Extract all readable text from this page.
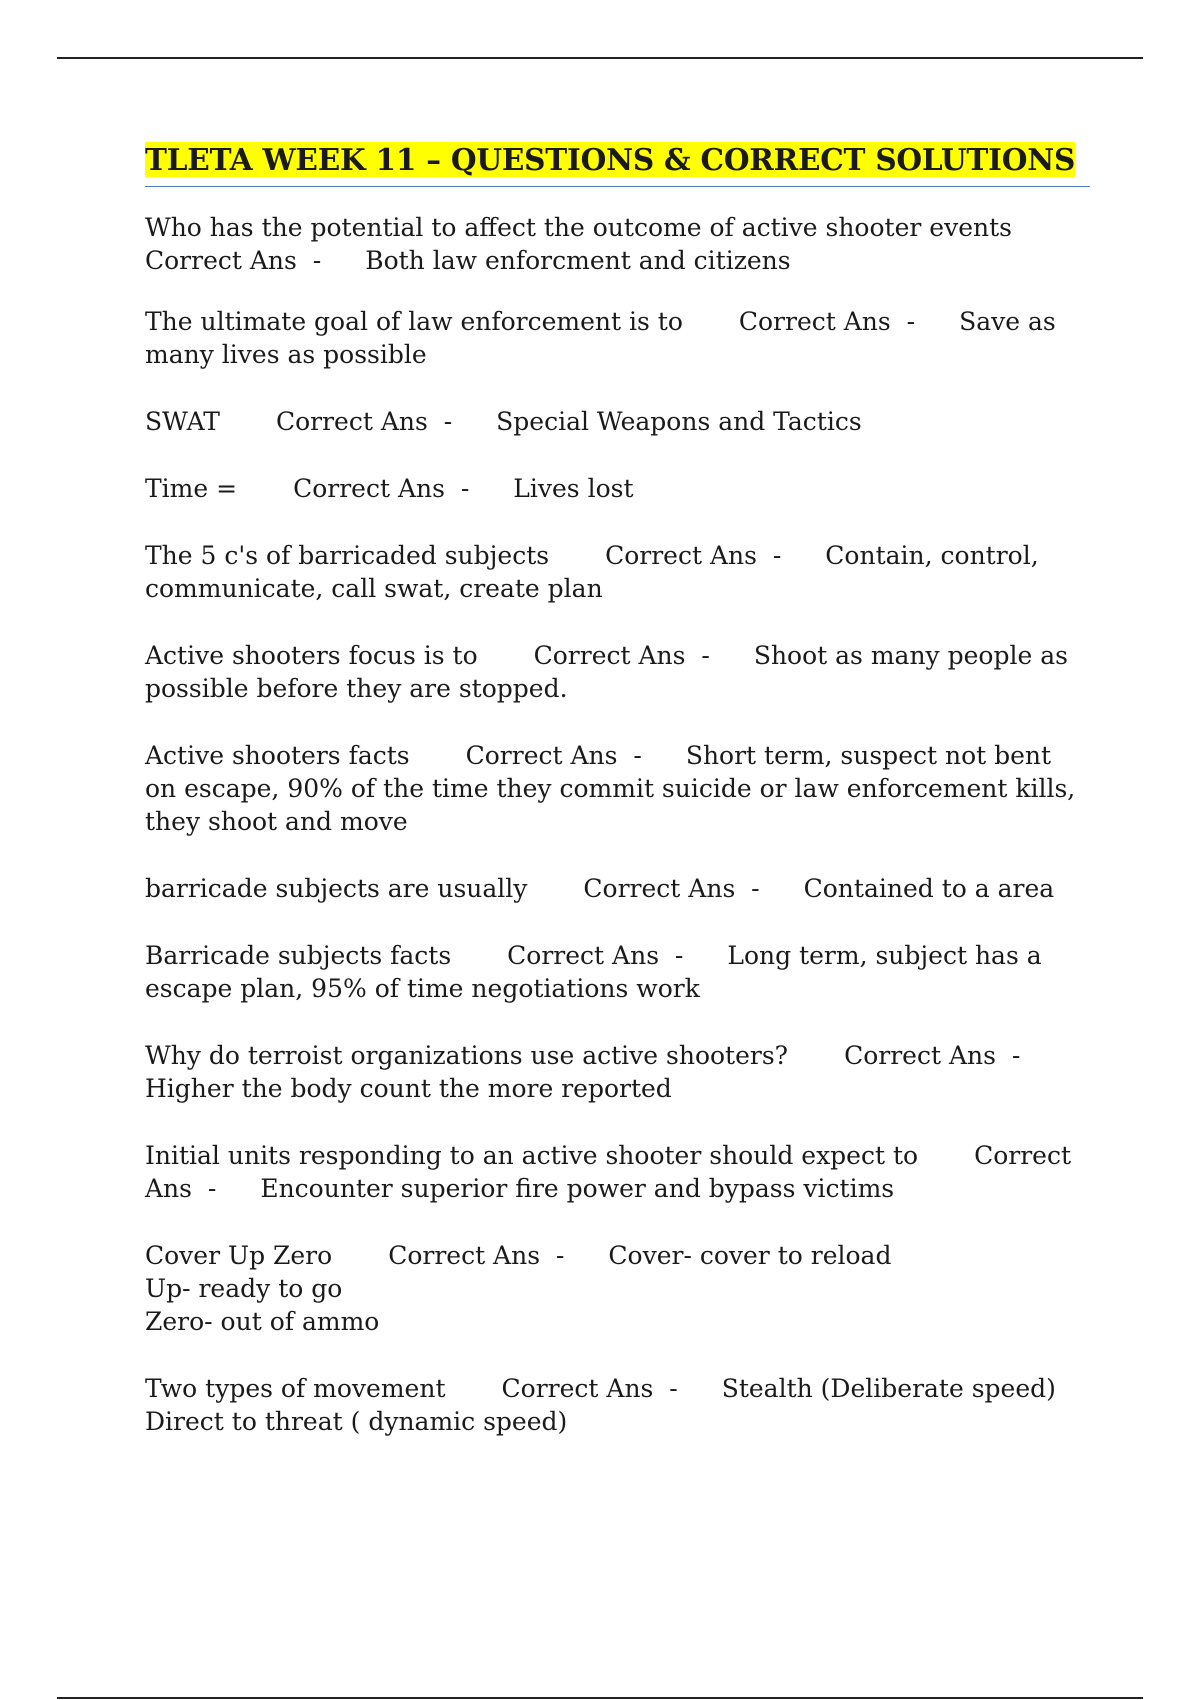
TLETA WEEK 11 – QUESTIONS & CORRECT SOLUTIONS
Who has the potential to affect the outcome of active shooter events
Correct Ans  - Both law enforcment and citizens
The ultimate goal of law enforcement is to Correct Ans  - Save as many lives as possible
SWAT Correct Ans  - Special Weapons and Tactics
Time = Correct Ans  - Lives lost
The 5 c's of barricaded subjects Correct Ans  - Contain, control, communicate, call swat, create plan
Active shooters focus is to Correct Ans  - Shoot as many people as possible before they are stopped.
Active shooters facts Correct Ans  - Short term, suspect not bent on escape, 90% of the time they commit suicide or law enforcement kills, they shoot and move
barricade subjects are usually Correct Ans  - Contained to a area
Barricade subjects facts Correct Ans  - Long term, subject has a escape plan, 95% of time negotiations work
Why do terroist organizations use active shooters? Correct Ans  -Higher the body count the more reported
Initial units responding to an active shooter should expect to Correct Ans  - Encounter superior fire power and bypass victims
Cover Up Zero Correct Ans  - Cover- cover to reload
Up- ready to go
Zero- out of ammo
Two types of movement Correct Ans  - Stealth (Deliberate speed)
Direct to threat ( dynamic speed)
